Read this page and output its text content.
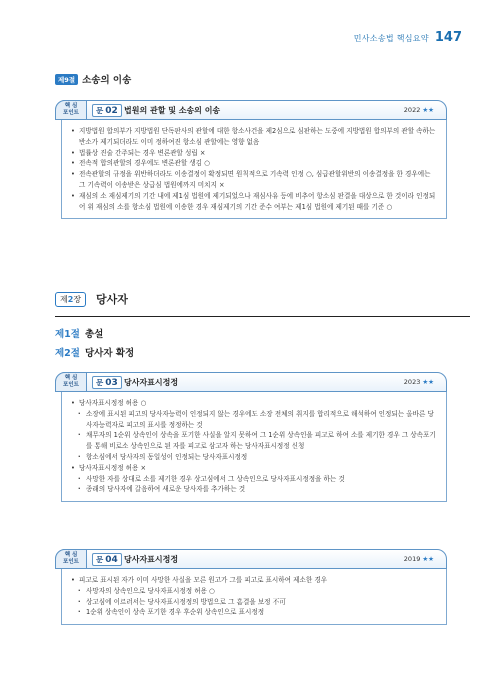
민사소송법 핵심요약 147
제9절 소송의 이송
핵 심
포인트 문 02 법원의 관할 및 소송의 이송	2022 ★★
• 지방법원 합의부가 지방법원 단독판사의 관할에 대한 항소사건을 제2심으로 심판하는 도중에 지방법원 합의부의 관할 속하는 반소가 제기되더라도 이미 정하여진 항소심 관할에는 영향 없음
• 법률상 진술 간주되는 경우 변론관할 성립 ×
• 전속적 합의관할의 경우에도 변론관할 생김 ○
• 전속관할의 규정을 위반하더라도 이송결정이 확정되면 원칙적으로 기속력 인정 ○, 심급관할위반의 이송결정을 한 경우에는 그 기속력이 이송받은 상급심 법원에까지 미치지 ×
• 재심의 소 재심제기의 기간 내에 제1심 법원에 제기되었으나 재심사유 등에 비추어 항소심 판결을 대상으로 한 것이라 인정되어 위 재심의 소를 항소심 법원에 이송한 경우 재심제기의 기간 준수 여부는 제1심 법원에 제기된 때를 기준 ○
제2장	당사자
제1절 총설
제2절 당사자 확정
핵 심
포인트 문 03 당사자표시정정	2023 ★★
• 당사자표시정정 허용 ○
· 소장에 표시된 피고의 당사자능력이 인정되지 않는 경우에도 소장 전체의 취지를 합리적으로 해석하여 인정되는 올바른 당사자능력자로 피고의 표시를 정정하는 것
· 채무자의 1순위 상속인이 상속을 포기한 사실을 알지 못하여 그 1순위 상속인을 피고로 하여 소를 제기한 경우 그 상속포기를 통해 비로소 상속인으로 된 자를 피고로 삼고자 하는 당사자표시정정 신청
· 항소심에서 당사자의 동일성이 인정되는 당사자표시정정
• 당사자표시정정 허용 ×
· 사망한 자를 상대로 소를 제기한 경우 상고심에서 그 상속인으로 당사자표시정정을 하는 것
· 종래의 당사자에 갈음하여 새로운 당사자를 추가하는 것
핵 심
포인트 문 04 당사자표시정정	2019 ★★
• 피고로 표시된 자가 이미 사망한 사실을 모른 원고가 그를 피고로 표시하여 제소한 경우
· 사망자의 상속인으로 당사자표시정정 허용 ○
· 상고심에 이르러서는 당사자표시정정의 방법으로 그 흠결을 보정 不可
· 1순위 상속인이 상속 포기한 경우 후순위 상속인으로 표시정정
